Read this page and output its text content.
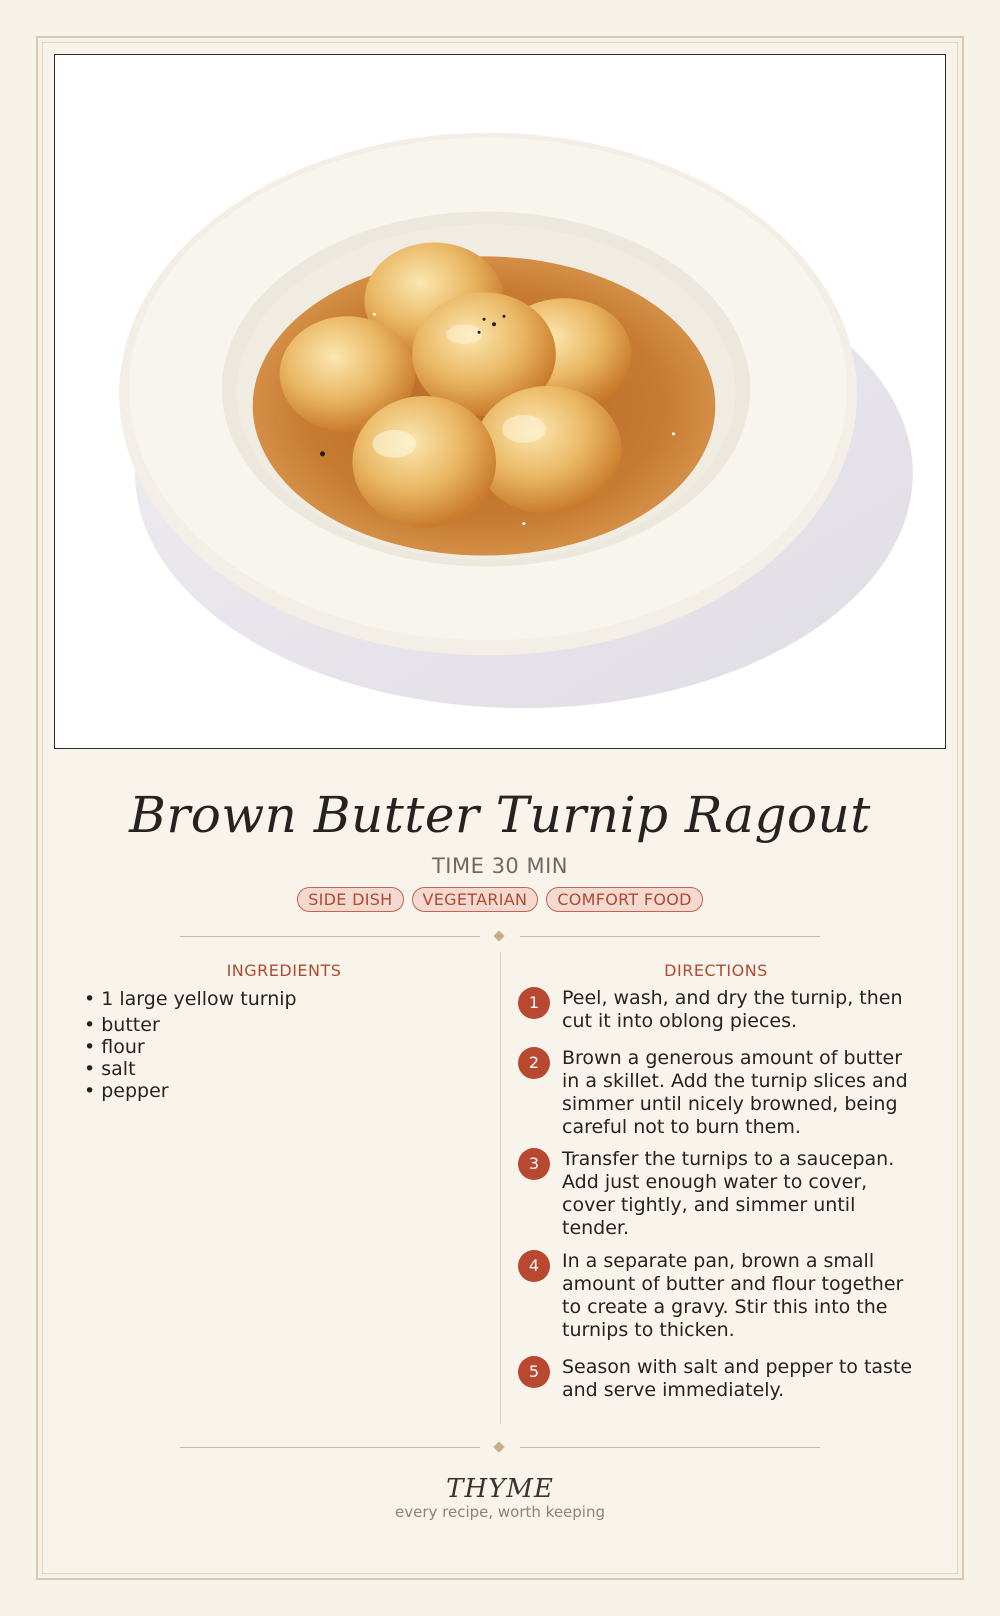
Brown Butter Turnip Ragout
TIME 30 MIN
SIDE DISH	VEGETARIAN	COMFORT FOOD
INGREDIENTS
• 1 large yellow turnip
• butter
• flour
• salt
• pepper
DIRECTIONS
1	Peel, wash, and dry the turnip, then cut it into oblong pieces.
2	Brown a generous amount of butter in a skillet. Add the turnip slices and simmer until nicely browned, being careful not to burn them.
3	Transfer the turnips to a saucepan. Add just enough water to cover, cover tightly, and simmer until tender.
4	In a separate pan, brown a small amount of butter and flour together to create a gravy. Stir this into the turnips to thicken.
5	Season with salt and pepper to taste and serve immediately.
THYME
every recipe, worth keeping
